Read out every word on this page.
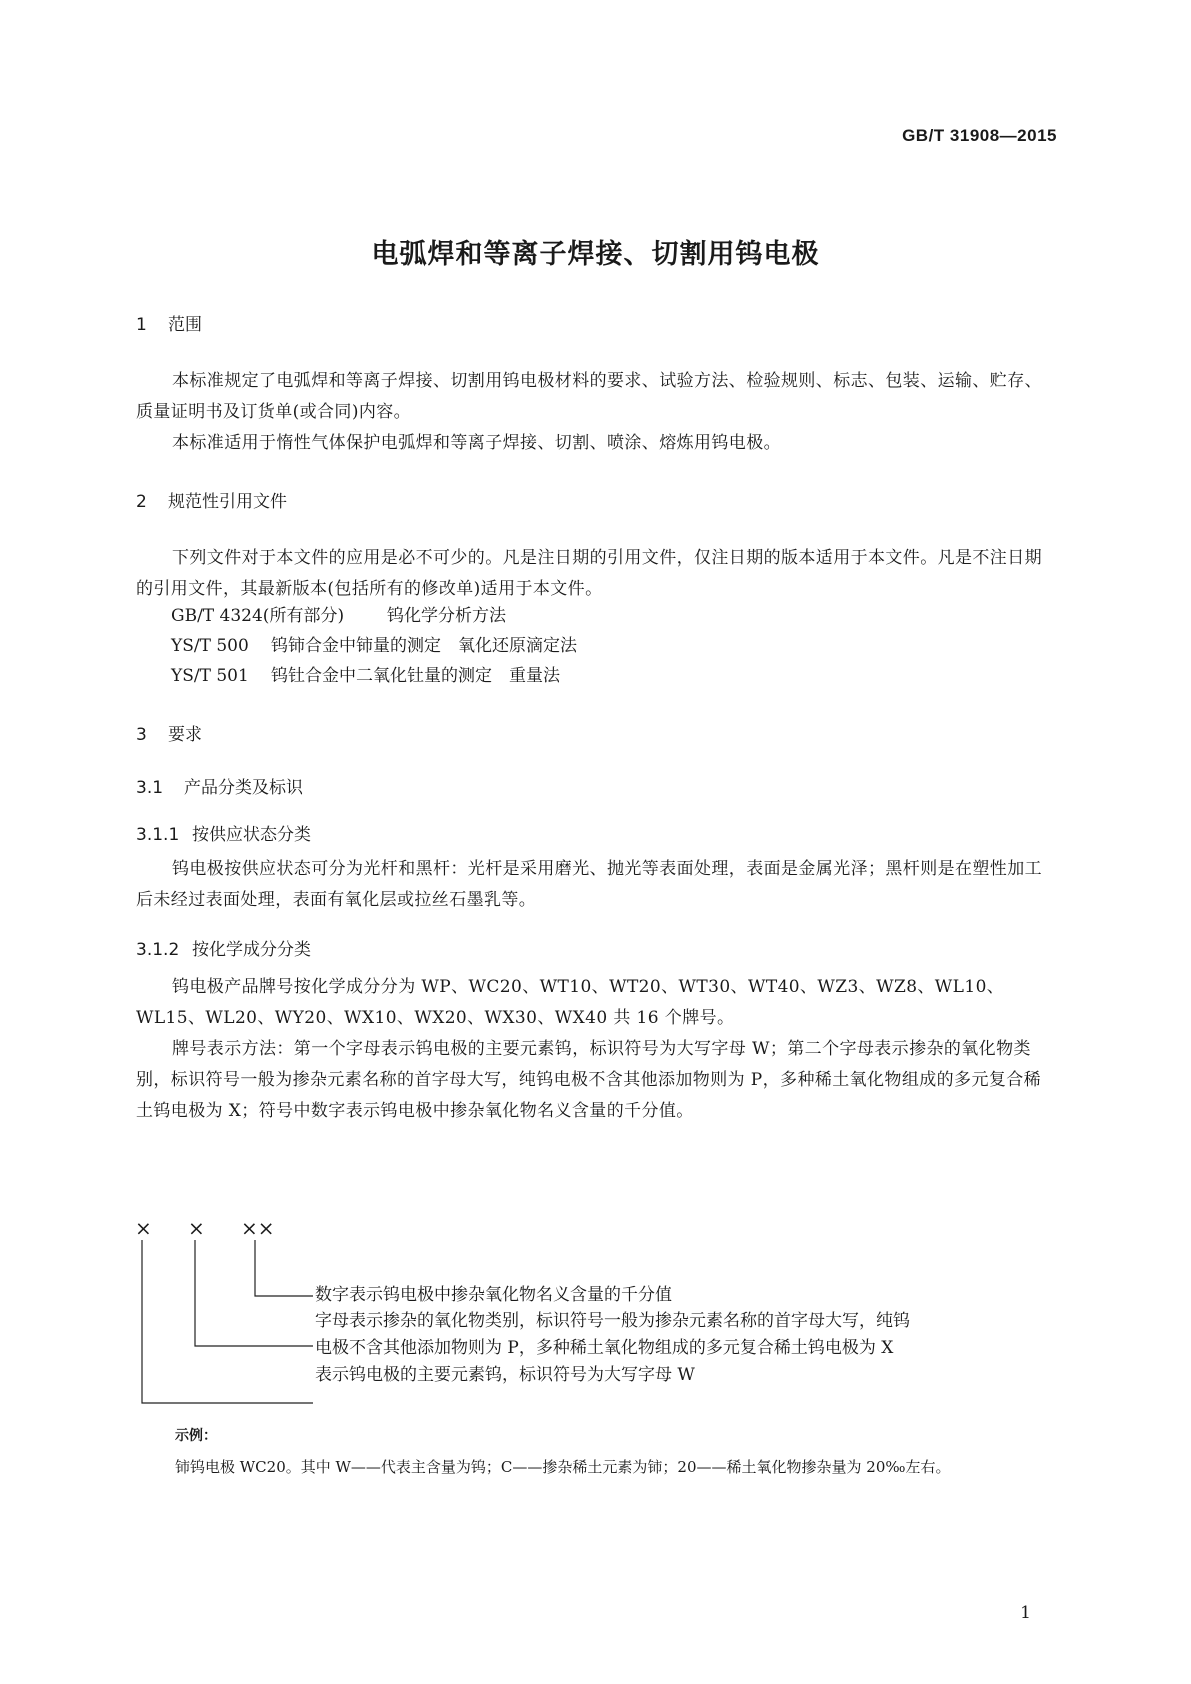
GB/T 31908—2015
电弧焊和等离子焊接、切割用钨电极
1 范围

本标准规定了电弧焊和等离子焊接、切割用钨电极材料的要求、试验方法、检验规则、标志、包装、运输、贮存、质量证明书及订货单(或合同)内容。

本标准适用于惰性气体保护电弧焊和等离子焊接、切割、喷涂、熔炼用钨电极。

2 规范性引用文件

下列文件对于本文件的应用是必不可少的。凡是注日期的引用文件，仅注日期的版本适用于本文件。凡是不注日期的引用文件，其最新版本(包括所有的修改单)适用于本文件。

GB/T 4324(所有部分)	钨化学分析方法
YS/T 500 钨铈合金中铈量的测定　氧化还原滴定法
YS/T 501 钨钍合金中二氧化钍量的测定　重量法
3 要求
3.1 产品分类及标识
3.1.1 按供应状态分类

钨电极按供应状态可分为光杆和黑杆：光杆是采用磨光、抛光等表面处理，表面是金属光泽；黑杆则是在塑性加工后未经过表面处理，表面有氧化层或拉丝石墨乳等。

3.1.2 按化学成分分类

钨电极产品牌号按化学成分分为 WP、WC20、WT10、WT20、WT30、WT40、WZ3、WZ8、WL10、WL15、WL20、WY20、WX10、WX20、WX30、WX40 共 16 个牌号。

牌号表示方法：第一个字母表示钨电极的主要元素钨，标识符号为大写字母 W；第二个字母表示掺杂的氧化物类别，标识符号一般为掺杂元素名称的首字母大写，纯钨电极不含其他添加物则为 P，多种稀土氧化物组成的多元复合稀土钨电极为 X；符号中数字表示钨电极中掺杂氧化物名义含量的千分值。

× × ××
数字表示钨电极中掺杂氧化物名义含量的千分值
字母表示掺杂的氧化物类别，标识符号一般为掺杂元素名称的首字母大写，纯钨
电极不含其他添加物则为 P，多种稀土氧化物组成的多元复合稀土钨电极为 X
表示钨电极的主要元素钨，标识符号为大写字母 W
示例：
铈钨电极 WC20。其中 W——代表主含量为钨；C——掺杂稀土元素为铈；20——稀土氧化物掺杂量为 20‰左右。
1
